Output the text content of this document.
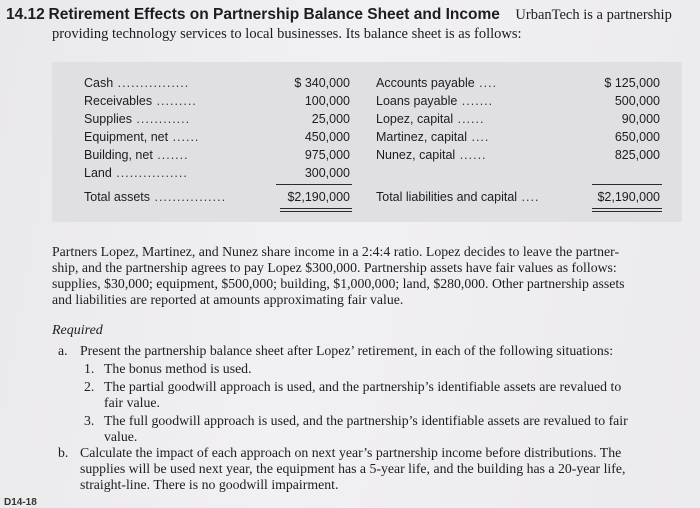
14.12 Retirement Effects on Partnership Balance Sheet and Income UrbanTech is a partnership
providing technology services to local businesses. Its balance sheet is as follows:
Cash ................	$ 340,000 Accounts payable ....	$ 125,000
Receivables .........	100,000 Loans payable .......	500,000
Supplies ............	25,000 Lopez, capital ......	90,000
Equipment, net ......	450,000 Martinez, capital ....	650,000
Building, net .......	975,000 Nunez, capital ......	825,000
Land ................	300,000
Total assets ................	$2,190,000 Total liabilities and capital ....	$2,190,000
Partners Lopez, Martinez, and Nunez share income in a 2:4:4 ratio. Lopez decides to leave the partner-
ship, and the partnership agrees to pay Lopez $300,000. Partnership assets have fair values as follows:
supplies, $30,000; equipment, $500,000; building, $1,000,000; land, $280,000. Other partnership assets
and liabilities are reported at amounts approximating fair value.
Required
a. Present the partnership balance sheet after Lopez’ retirement, in each of the following situations:
1. The bonus method is used.
2. The partial goodwill approach is used, and the partnership’s identifiable assets are revalued to
fair value.
3. The full goodwill approach is used, and the partnership’s identifiable assets are revalued to fair
value.
b. Calculate the impact of each approach on next year’s partnership income before distributions. The
supplies will be used next year, the equipment has a 5-year life, and the building has a 20-year life,
straight-line. There is no goodwill impairment.
D14-18
